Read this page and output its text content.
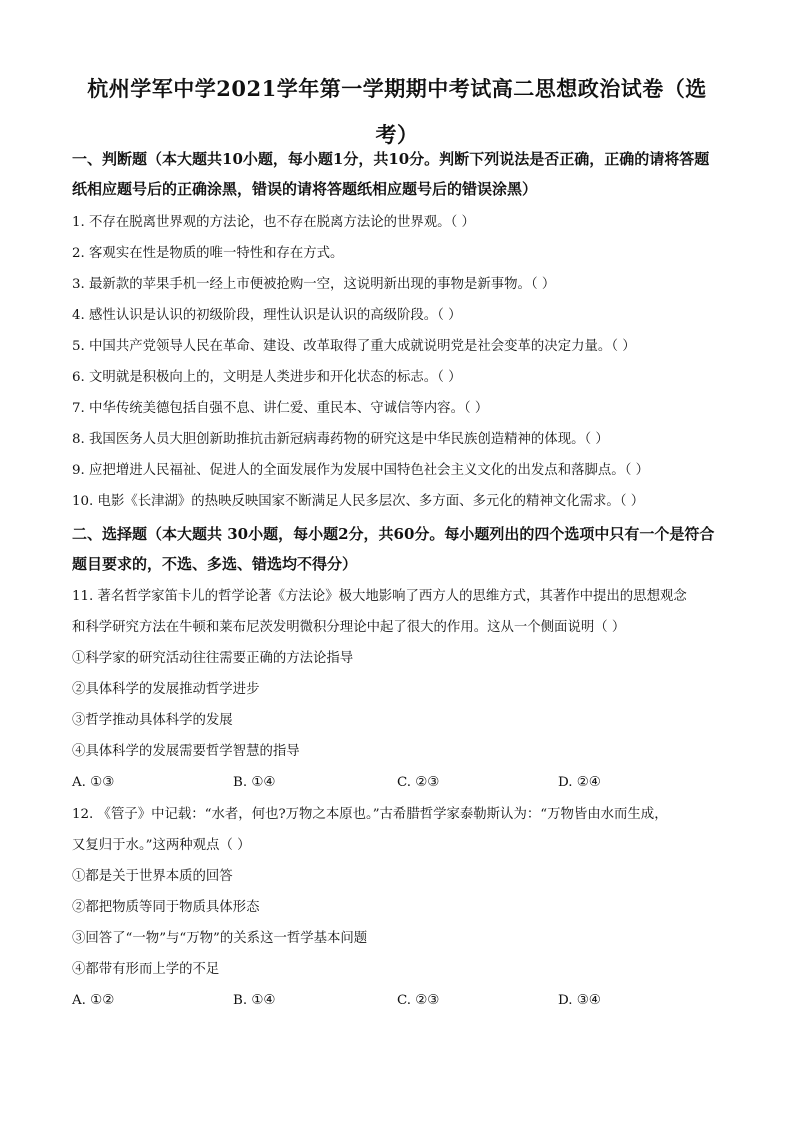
杭州学军中学2021学年第一学期期中考试高二思想政治试卷（选考）
一、判断题（本大题共10小题，每小题1分，共10分。判断下列说法是否正确，正确的请将答题纸相应题号后的正确涂黑，错误的请将答题纸相应题号后的错误涂黑）
1. 不存在脱离世界观的方法论，也不存在脱离方法论的世界观。（ ）
2. 客观实在性是物质的唯一特性和存在方式。
3. 最新款的苹果手机一经上市便被抢购一空，这说明新出现的事物是新事物。（ ）
4. 感性认识是认识的初级阶段，理性认识是认识的高级阶段。（ ）
5. 中国共产党领导人民在革命、建设、改革取得了重大成就说明党是社会变革的决定力量。（ ）
6. 文明就是积极向上的，文明是人类进步和开化状态的标志。（ ）
7. 中华传统美德包括自强不息、讲仁爱、重民本、守诚信等内容。（ ）
8. 我国医务人员大胆创新助推抗击新冠病毒药物的研究这是中华民族创造精神的体现。（ ）
9. 应把增进人民福祉、促进人的全面发展作为发展中国特色社会主义文化的出发点和落脚点。（ ）
10. 电影《长津湖》的热映反映国家不断满足人民多层次、多方面、多元化的精神文化需求。（ ）
二、选择题（本大题共 30小题，每小题2分，共60分。每小题列出的四个选项中只有一个是符合题目要求的，不选、多选、错选均不得分）
11. 著名哲学家笛卡儿的哲学论著《方法论》极大地影响了西方人的思维方式，其著作中提出的思想观念
和科学研究方法在牛顿和莱布尼茨发明微积分理论中起了很大的作用。这从一个侧面说明（ ）
①科学家的研究活动往往需要正确的方法论指导
②具体科学的发展推动哲学进步
③哲学推动具体科学的发展
④具体科学的发展需要哲学智慧的指导
A. ①③	B. ①④	C. ②③	D. ②④
12. 《管子》中记载：“水者，何也?万物之本原也。”古希腊哲学家泰勒斯认为：“万物皆由水而生成，
又复归于水。”这两种观点（ ）
①都是关于世界本质的回答
②都把物质等同于物质具体形态
③回答了“一物”与“万物”的关系这一哲学基本问题
④都带有形而上学的不足
A. ①②	B. ①④	C. ②③	D. ③④
